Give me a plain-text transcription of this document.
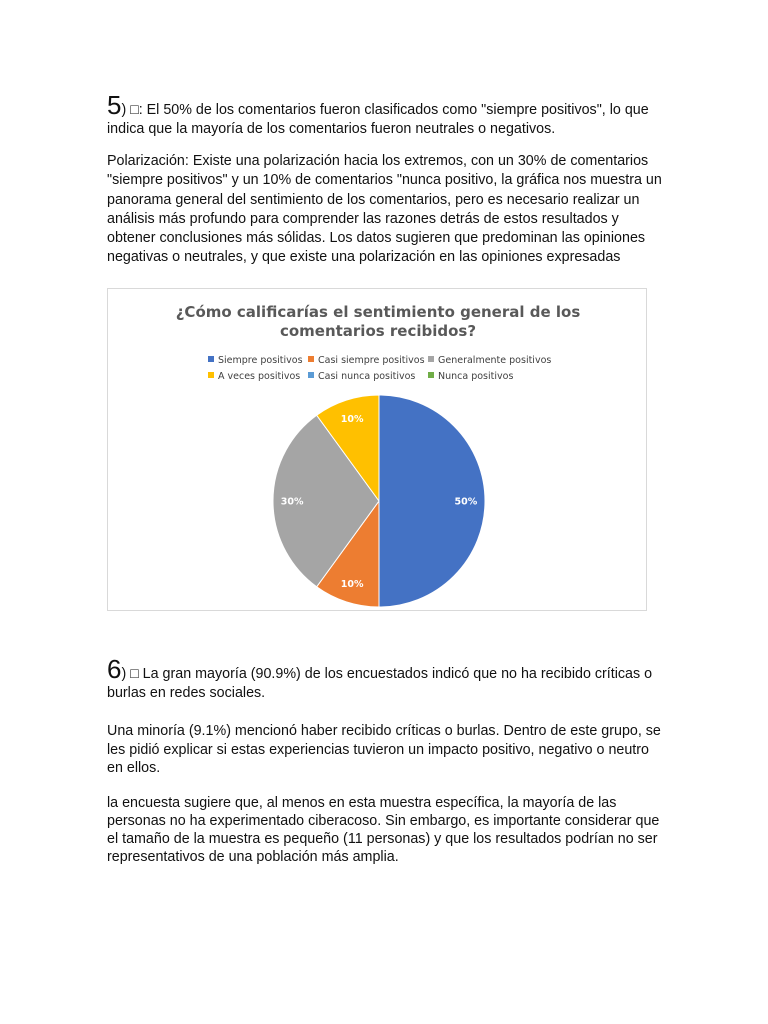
5) □: El 50% de los comentarios fueron clasificados como "siempre positivos", lo que indica que la mayoría de los comentarios fueron neutrales o negativos.

Polarización: Existe una polarización hacia los extremos, con un 30% de comentarios "siempre positivos" y un 10% de comentarios "nunca positivo, la gráfica nos muestra un panorama general del sentimiento de los comentarios, pero es necesario realizar un análisis más profundo para comprender las razones detrás de estos resultados y obtener conclusiones más sólidas. Los datos sugieren que predominan las opiniones negativas o neutrales, y que existe una polarización en las opiniones expresadas

¿Cómo calificarías el sentimiento general de los
comentarios recibidos?
Siempre positivos Casi siempre positivos Generalmente positivos
A veces positivos Casi nunca positivos Nunca positivos
50%
10%
30%
10%

6) □ La gran mayoría (90.9%) de los encuestados indicó que no ha recibido críticas o burlas en redes sociales.

Una minoría (9.1%) mencionó haber recibido críticas o burlas. Dentro de este grupo, se les pidió explicar si estas experiencias tuvieron un impacto positivo, negativo o neutro en ellos.

la encuesta sugiere que, al menos en esta muestra específica, la mayoría de las personas no ha experimentado ciberacoso. Sin embargo, es importante considerar que el tamaño de la muestra es pequeño (11 personas) y que los resultados podrían no ser representativos de una población más amplia.
